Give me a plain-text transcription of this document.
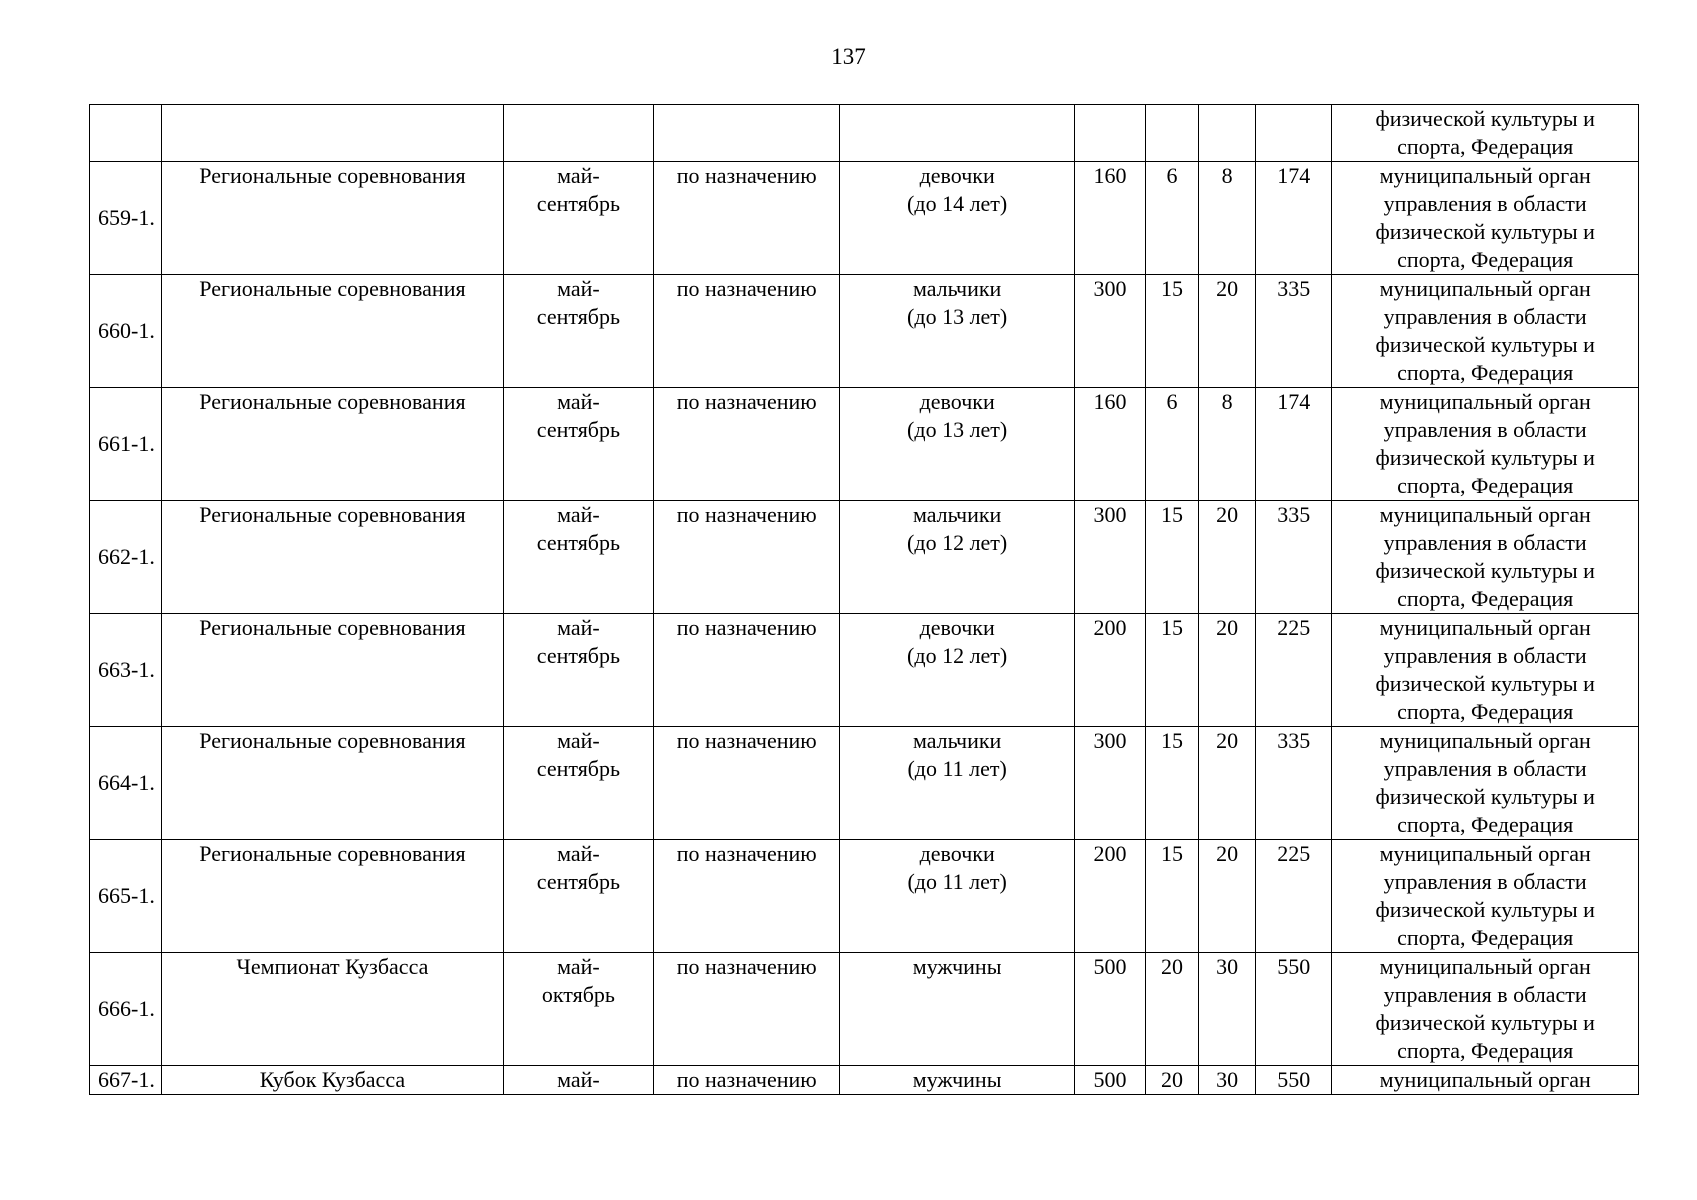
137
									физической культуры и
спорта, Федерация
659-1.	Региональные соревнования	май-
сентябрь	по назначению	девочки
(до 14 лет)	160	6	8	174	муниципальный орган
управления в области
физической культуры и
спорта, Федерация
660-1.	Региональные соревнования	май-
сентябрь	по назначению	мальчики
(до 13 лет)	300	15	20	335	муниципальный орган
управления в области
физической культуры и
спорта, Федерация
661-1.	Региональные соревнования	май-
сентябрь	по назначению	девочки
(до 13 лет)	160	6	8	174	муниципальный орган
управления в области
физической культуры и
спорта, Федерация
662-1.	Региональные соревнования	май-
сентябрь	по назначению	мальчики
(до 12 лет)	300	15	20	335	муниципальный орган
управления в области
физической культуры и
спорта, Федерация
663-1.	Региональные соревнования	май-
сентябрь	по назначению	девочки
(до 12 лет)	200	15	20	225	муниципальный орган
управления в области
физической культуры и
спорта, Федерация
664-1.	Региональные соревнования	май-
сентябрь	по назначению	мальчики
(до 11 лет)	300	15	20	335	муниципальный орган
управления в области
физической культуры и
спорта, Федерация
665-1.	Региональные соревнования	май-
сентябрь	по назначению	девочки
(до 11 лет)	200	15	20	225	муниципальный орган
управления в области
физической культуры и
спорта, Федерация
666-1.	Чемпионат Кузбасса	май-
октябрь	по назначению	мужчины	500	20	30	550	муниципальный орган
управления в области
физической культуры и
спорта, Федерация
667-1.	Кубок Кузбасса	май-	по назначению	мужчины	500	20	30	550	муниципальный орган
